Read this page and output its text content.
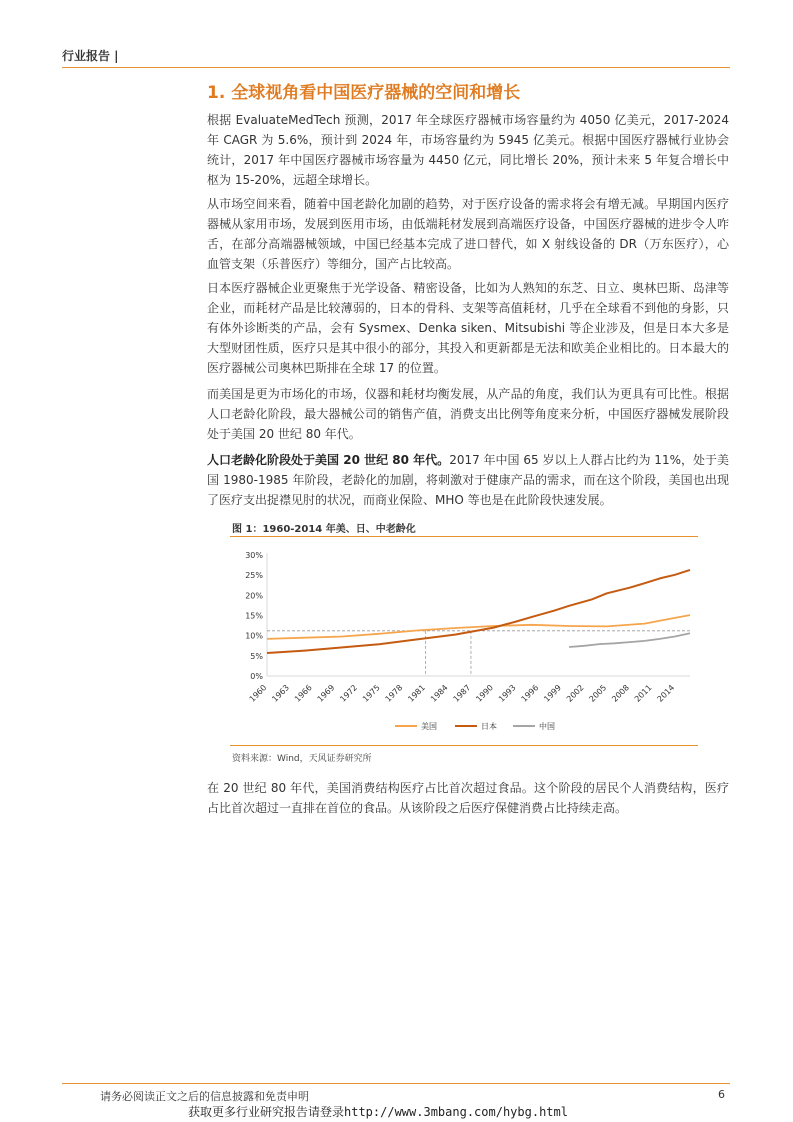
行业报告 |
1. 全球视角看中国医疗器械的空间和增长

根据 EvaluateMedTech 预测，2017 年全球医疗器械市场容量约为 4050 亿美元，2017-2024 年 CAGR 为 5.6%，预计到 2024 年，市场容量约为 5945 亿美元。根据中国医疗器械行业协会统计，2017 年中国医疗器械市场容量为 4450 亿元，同比增长 20%，预计未来 5 年复合增长中枢为 15-20%，远超全球增长。

从市场空间来看，随着中国老龄化加剧的趋势，对于医疗设备的需求将会有增无减。早期国内医疗器械从家用市场，发展到医用市场，由低端耗材发展到高端医疗设备，中国医疗器械的进步令人咋舌，在部分高端器械领域，中国已经基本完成了进口替代，如 X 射线设备的 DR（万东医疗），心血管支架（乐普医疗）等细分，国产占比较高。

日本医疗器械企业更聚焦于光学设备、精密设备，比如为人熟知的东芝、日立、奥林巴斯、岛津等企业，而耗材产品是比较薄弱的，日本的骨科、支架等高值耗材，几乎在全球看不到他的身影，只有体外诊断类的产品，会有 Sysmex、Denka siken、Mitsubishi 等企业涉及，但是日本大多是大型财团性质，医疗只是其中很小的部分，其投入和更新都是无法和欧美企业相比的。日本最大的医疗器械公司奥林巴斯排在全球 17 的位置。

而美国是更为市场化的市场，仪器和耗材均衡发展，从产品的角度，我们认为更具有可比性。根据人口老龄化阶段，最大器械公司的销售产值，消费支出比例等角度来分析，中国医疗器械发展阶段处于美国 20 世纪 80 年代。

人口老龄化阶段处于美国 20 世纪 80 年代。2017 年中国 65 岁以上人群占比约为 11%，处于美国 1980-1985 年阶段，老龄化的加剧，将刺激对于健康产品的需求，而在这个阶段，美国也出现了医疗支出捉襟见肘的状况，而商业保险、MHO 等也是在此阶段快速发展。

图 1：1960-2014 年美、日、中老龄化
0%
5%
10%
15%
20%
25%
30%
1960 1963 1966 1969 1972 1975 1978 1981 1984 1987 1990 1993 1996 1999 2002 2005 2008 2011 2014
美国	日本	中国
资料来源：Wind，天风证券研究所

在 20 世纪 80 年代，美国消费结构医疗占比首次超过食品。这个阶段的居民个人消费结构，医疗占比首次超过一直排在首位的食品。从该阶段之后医疗保健消费占比持续走高。

请务必阅读正文之后的信息披露和免责申明	6
获取更多行业研究报告请登录http://www.3mbang.com/hybg.html
